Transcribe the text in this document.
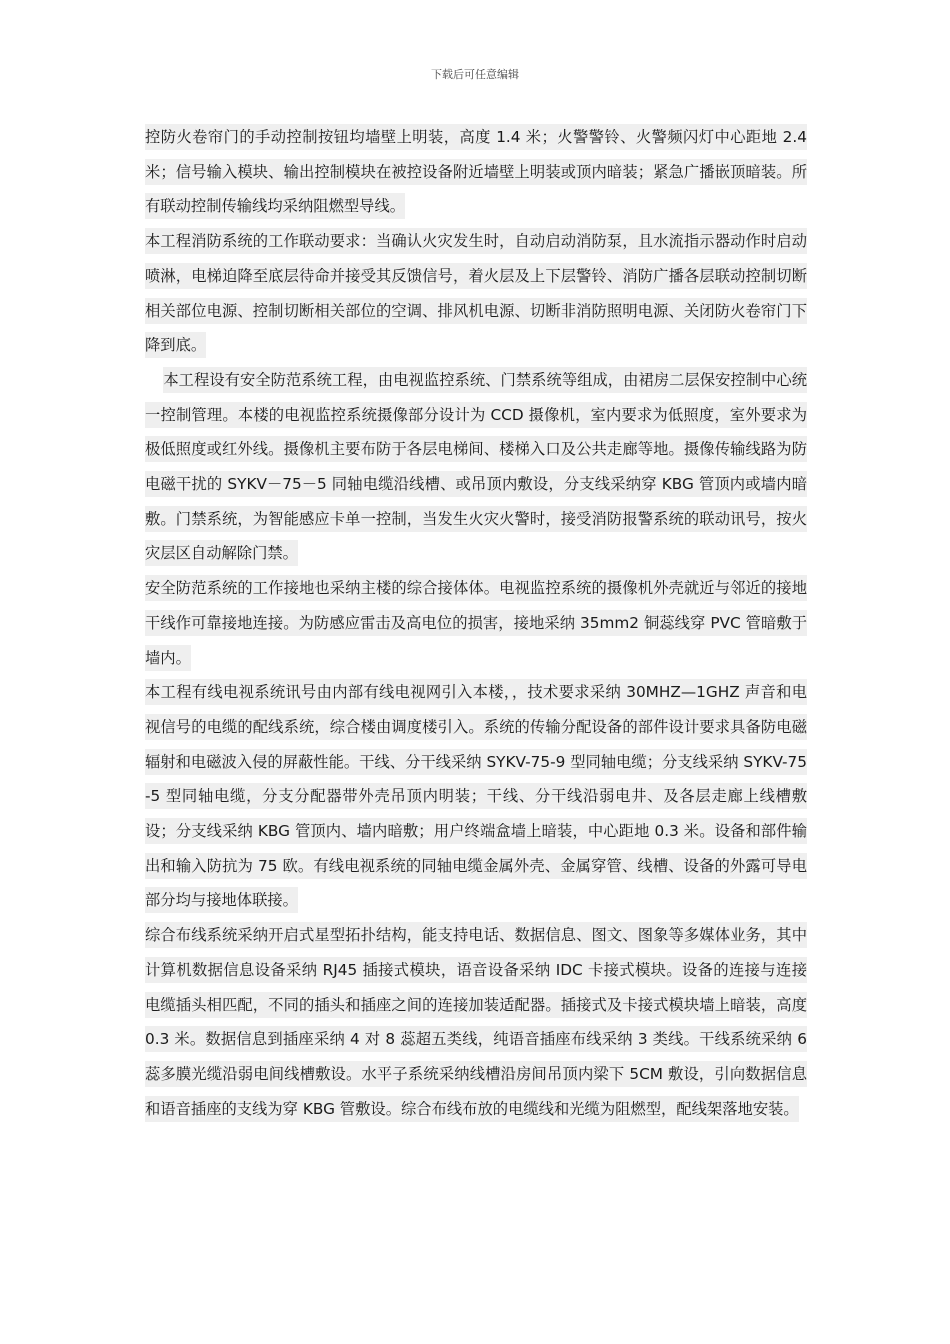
下载后可任意编辑

控防火卷帘门的手动控制按钮均墙壁上明装，高度 1.4 米；火警警铃、火警频闪灯中心距地 2.4 米；信号输入模块、输出控制模块在被控设备附近墙壁上明装或顶内暗装；紧急广播嵌顶暗装。所有联动控制传输线均采纳阻燃型导线。

本工程消防系统的工作联动要求：当确认火灾发生时，自动启动消防泵，且水流指示器动作时启动喷淋，电梯迫降至底层待命并接受其反馈信号，着火层及上下层警铃、消防广播各层联动控制切断相关部位电源、控制切断相关部位的空调、排风机电源、切断非消防照明电源、关闭防火卷帘门下降到底。

本工程设有安全防范系统工程，由电视监控系统、门禁系统等组成，由裙房二层保安控制中心统一控制管理。本楼的电视监控系统摄像部分设计为 CCD 摄像机，室内要求为低照度，室外要求为极低照度或红外线。摄像机主要布防于各层电梯间、楼梯入口及公共走廊等地。摄像传输线路为防电磁干扰的 SYKV－75－5 同轴电缆沿线槽、或吊顶内敷设，分支线采纳穿 KBG 管顶内或墙内暗敷。门禁系统，为智能感应卡单一控制，当发生火灾火警时，接受消防报警系统的联动讯号，按火灾层区自动解除门禁。

安全防范系统的工作接地也采纳主楼的综合接体体。电视监控系统的摄像机外壳就近与邻近的接地干线作可靠接地连接。为防感应雷击及高电位的损害，接地采纳 35mm2 铜蕊线穿 PVC 管暗敷于墙内。

本工程有线电视系统讯号由内部有线电视网引入本楼，，技术要求采纳 30MHZ—1GHZ 声音和电视信号的电缆的配线系统，综合楼由调度楼引入。系统的传输分配设备的部件设计要求具备防电磁辐射和电磁波入侵的屏蔽性能。干线、分干线采纳 SYKV-75-9 型同轴电缆；分支线采纳 SYKV-75-5 型同轴电缆，分支分配器带外壳吊顶内明装；干线、分干线沿弱电井、及各层走廊上线槽敷设；分支线采纳 KBG 管顶内、墙内暗敷；用户终端盒墙上暗装，中心距地 0.3 米。设备和部件输出和输入防抗为 75 欧。有线电视系统的同轴电缆金属外壳、金属穿管、线槽、设备的外露可导电部分均与接地体联接。

综合布线系统采纳开启式星型拓扑结构，能支持电话、数据信息、图文、图象等多媒体业务，其中计算机数据信息设备采纳 RJ45 插接式模块，语音设备采纳 IDC 卡接式模块。设备的连接与连接电缆插头相匹配，不同的插头和插座之间的连接加装适配器。插接式及卡接式模块墙上暗装，高度 0.3 米。数据信息到插座采纳 4 对 8 蕊超五类线，纯语音插座布线采纳 3 类线。干线系统采纳 6 蕊多膜光缆沿弱电间线槽敷设。水平子系统采纳线槽沿房间吊顶内梁下 5CM 敷设，引向数据信息和语音插座的支线为穿 KBG 管敷设。综合布线布放的电缆线和光缆为阻燃型，配线架落地安装。
